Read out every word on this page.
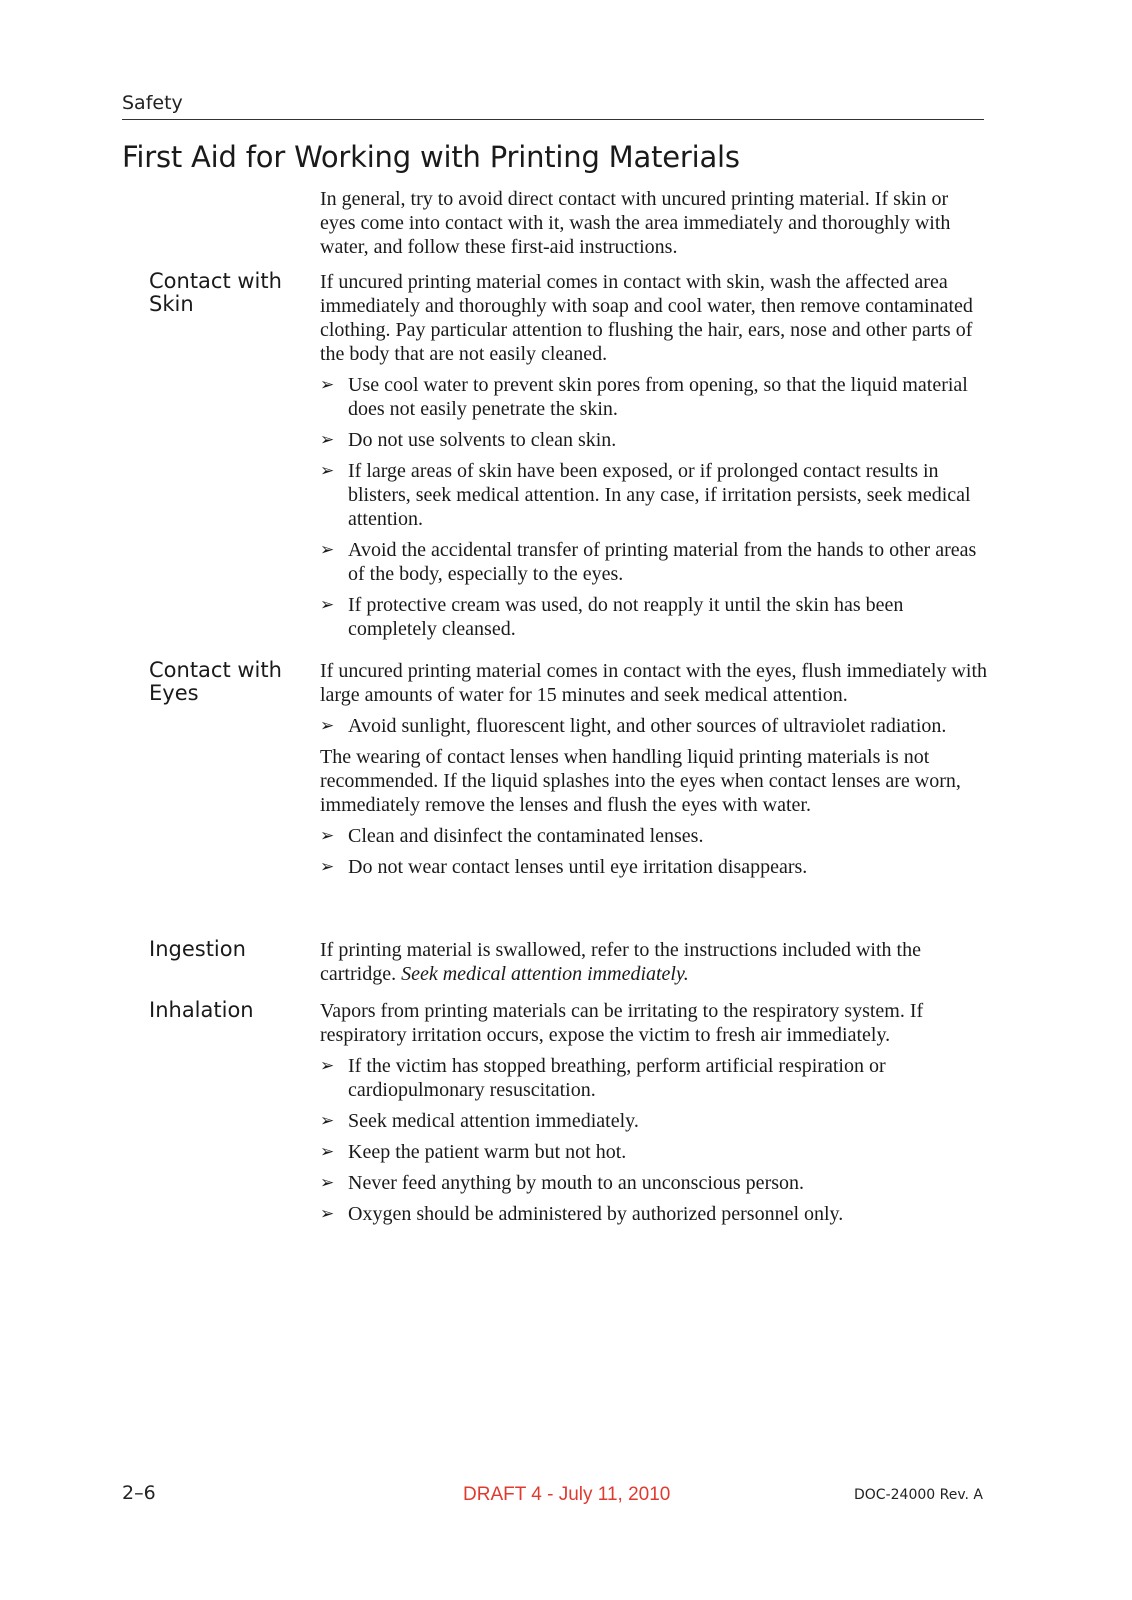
Safety
First Aid for Working with Printing Materials

In general, try to avoid direct contact with uncured printing material. If skin or eyes come into contact with it, wash the area immediately and thoroughly with water, and follow these first-aid instructions.

Contact with Skin

If uncured printing material comes in contact with skin, wash the affected area immediately and thoroughly with soap and cool water, then remove contaminated clothing. Pay particular attention to flushing the hair, ears, nose and other parts of the body that are not easily cleaned.

➢ Use cool water to prevent skin pores from opening, so that the liquid material does not easily penetrate the skin.
➢ Do not use solvents to clean skin.
➢ If large areas of skin have been exposed, or if prolonged contact results in blisters, seek medical attention. In any case, if irritation persists, seek medical attention.
➢ Avoid the accidental transfer of printing material from the hands to other areas of the body, especially to the eyes.
➢ If protective cream was used, do not reapply it until the skin has been completely cleansed.
Contact with Eyes

If uncured printing material comes in contact with the eyes, flush immediately with large amounts of water for 15 minutes and seek medical attention.

➢ Avoid sunlight, fluorescent light, and other sources of ultraviolet radiation.

The wearing of contact lenses when handling liquid printing materials is not recommended. If the liquid splashes into the eyes when contact lenses are worn, immediately remove the lenses and flush the eyes with water.

➢ Clean and disinfect the contaminated lenses.
➢ Do not wear contact lenses until eye irritation disappears.
Ingestion	If printing material is swallowed, refer to the instructions included with the cartridge. Seek medical attention immediately.

Inhalation	Vapors from printing materials can be irritating to the respiratory system. If respiratory irritation occurs, expose the victim to fresh air immediately.

➢ If the victim has stopped breathing, perform artificial respiration or cardiopulmonary resuscitation.
➢ Seek medical attention immediately.
➢ Keep the patient warm but not hot.
➢ Never feed anything by mouth to an unconscious person.
➢ Oxygen should be administered by authorized personnel only.
2–6	DRAFT 4 - July 11, 2010	DOC-24000 Rev. A
